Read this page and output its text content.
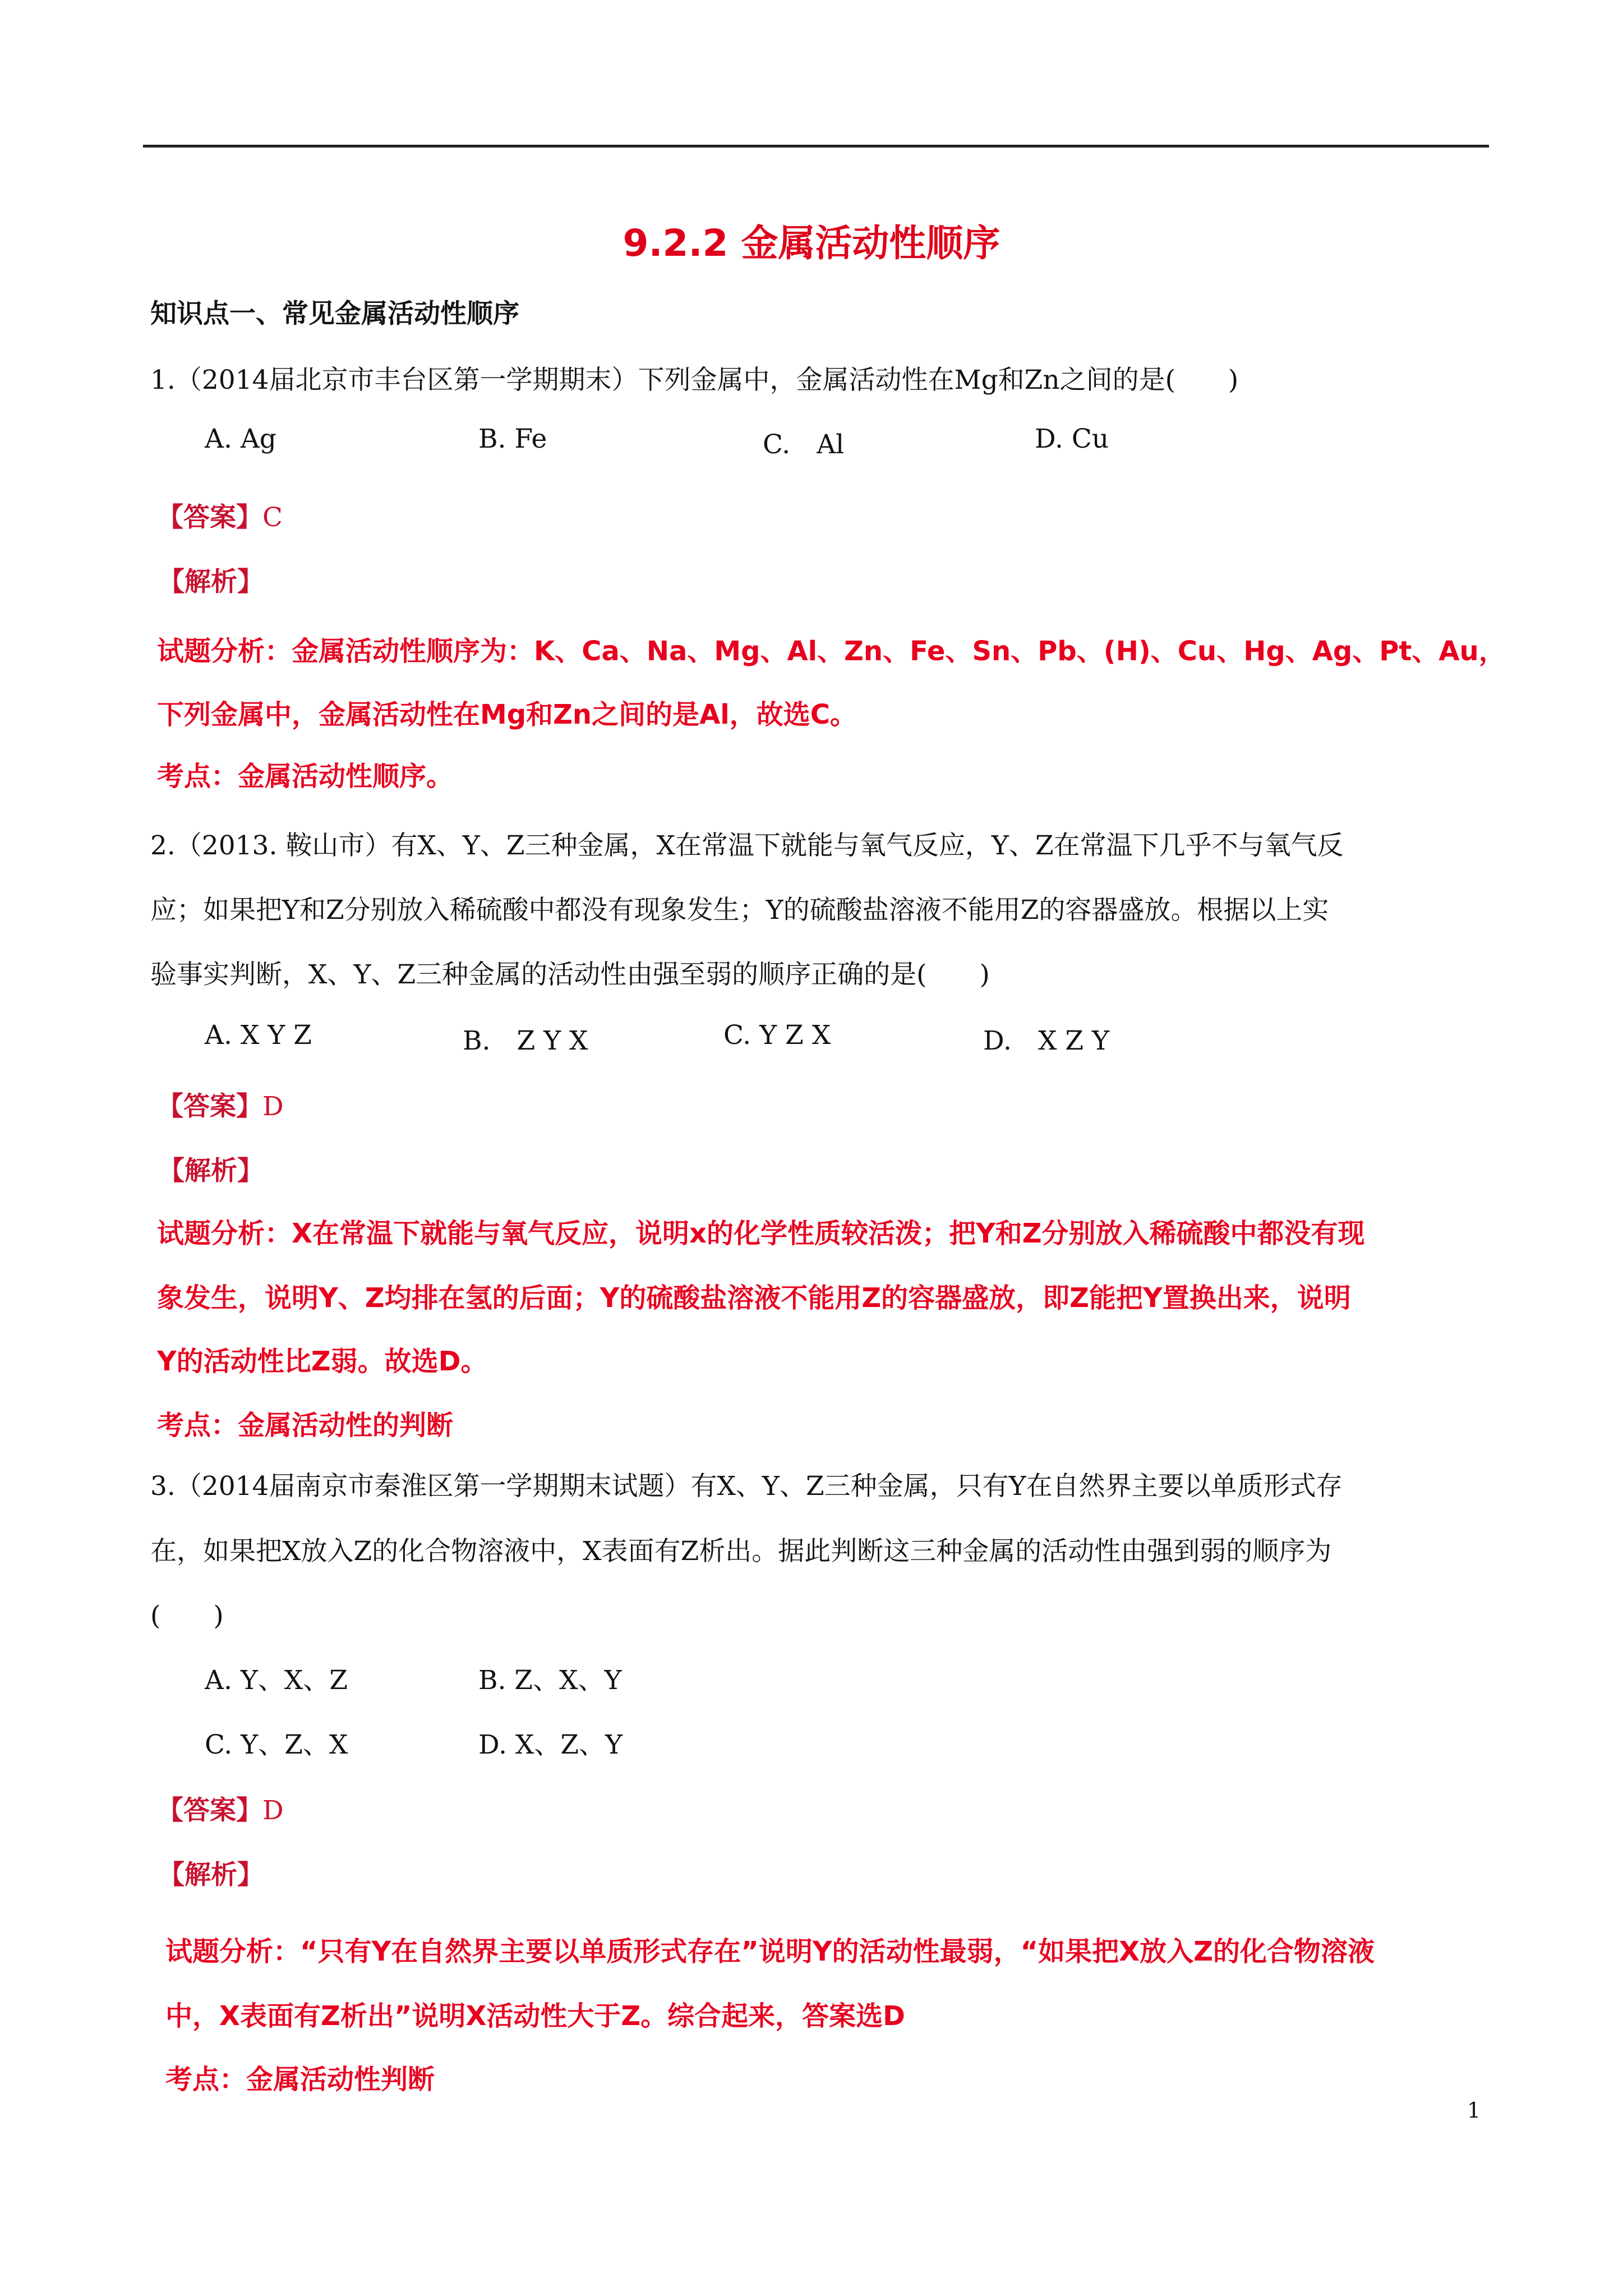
9.2.2 金属活动性顺序

知识点一、常见金属活动性顺序

1.（2014届北京市丰台区第一学期期末）下列金属中，金属活动性在Mg和Zn之间的是(　　)

A. Ag	B. Fe	C.　Al	D. Cu
【答案】C
【解析】

试题分析：金属活动性顺序为：K、Ca、Na、Mg、Al、Zn、Fe、Sn、Pb、(H)、Cu、Hg、Ag、Pt、Au，

下列金属中，金属活动性在Mg和Zn之间的是Al，故选C。

考点：金属活动性顺序。

2.（2013. 鞍山市）有X、Y、Z三种金属，X在常温下就能与氧气反应，Y、Z在常温下几乎不与氧气反

应；如果把Y和Z分别放入稀硫酸中都没有现象发生；Y的硫酸盐溶液不能用Z的容器盛放。根据以上实

验事实判断，X、Y、Z三种金属的活动性由强至弱的顺序正确的是(　　)

A. X Y Z	B.　Z Y X	C. Y Z X	D.　X Z Y
【答案】D
【解析】

试题分析：X在常温下就能与氧气反应，说明x的化学性质较活泼；把Y和Z分别放入稀硫酸中都没有现

象发生，说明Y、Z均排在氢的后面；Y的硫酸盐溶液不能用Z的容器盛放，即Z能把Y置换出来，说明

Y的活动性比Z弱。故选D。

考点：金属活动性的判断

3.（2014届南京市秦淮区第一学期期末试题）有X、Y、Z三种金属，只有Y在自然界主要以单质形式存

在，如果把X放入Z的化合物溶液中，X表面有Z析出。据此判断这三种金属的活动性由强到弱的顺序为

(　　)

A. Y、X、Z	B. Z、X、Y
C. Y、Z、X	D. X、Z、Y
【答案】D
【解析】

试题分析：“只有Y在自然界主要以单质形式存在”说明Y的活动性最弱，“如果把X放入Z的化合物溶液

中，X表面有Z析出”说明X活动性大于Z。综合起来，答案选D

考点：金属活动性判断

1
